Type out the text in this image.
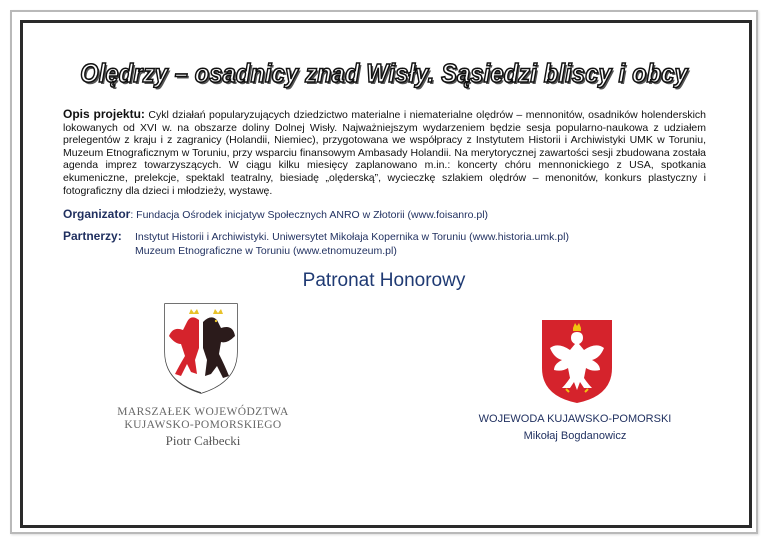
Olędrzy – osadnicy znad Wisły. Sąsiedzi bliscy i obcy
Opis projektu: Cykl działań popularyzujących dziedzictwo materialne i niematerialne olędrów – mennonitów, osadników holenderskich lokowanych od XVI w. na obszarze doliny Dolnej Wisły. Najważniejszym wydarzeniem będzie sesja popularno-naukowa z udziałem prelegentów z kraju i z zagranicy (Holandii, Niemiec), przygotowana we współpracy z Instytutem Historii i Archiwistyki UMK w Toruniu, Muzeum Etnograficznym w Toruniu, przy wsparciu finansowym Ambasady Holandii. Na merytorycznej zawartości sesji zbudowana została agenda imprez towarzyszących. W ciągu kilku miesięcy zaplanowano m.in.: koncerty chóru mennonickiego z USA, spotkania ekumeniczne, prelekcje, spektakl teatralny, biesiadę „olęderską”, wycieczkę szlakiem olędrów – menonitów, konkurs plastyczny i fotograficzny dla dzieci i młodzieży, wystawę.
Organizator: Fundacja Ośrodek inicjatyw Społecznych ANRO w Złotorii (www.foisanro.pl)
Partnerzy: Instytut Historii i Archiwistyki. Uniwersytet Mikołaja Kopernika w Toruniu (www.historia.umk.pl)
Muzeum Etnograficzne w Toruniu (www.etnomuzeum.pl)
Patronat Honorowy
MARSZAŁEK WOJEWÓDZTWA
KUJAWSKO-POMORSKIEGO
Piotr Całbecki
WOJEWODA KUJAWSKO-POMORSKI
Mikołaj Bogdanowicz
